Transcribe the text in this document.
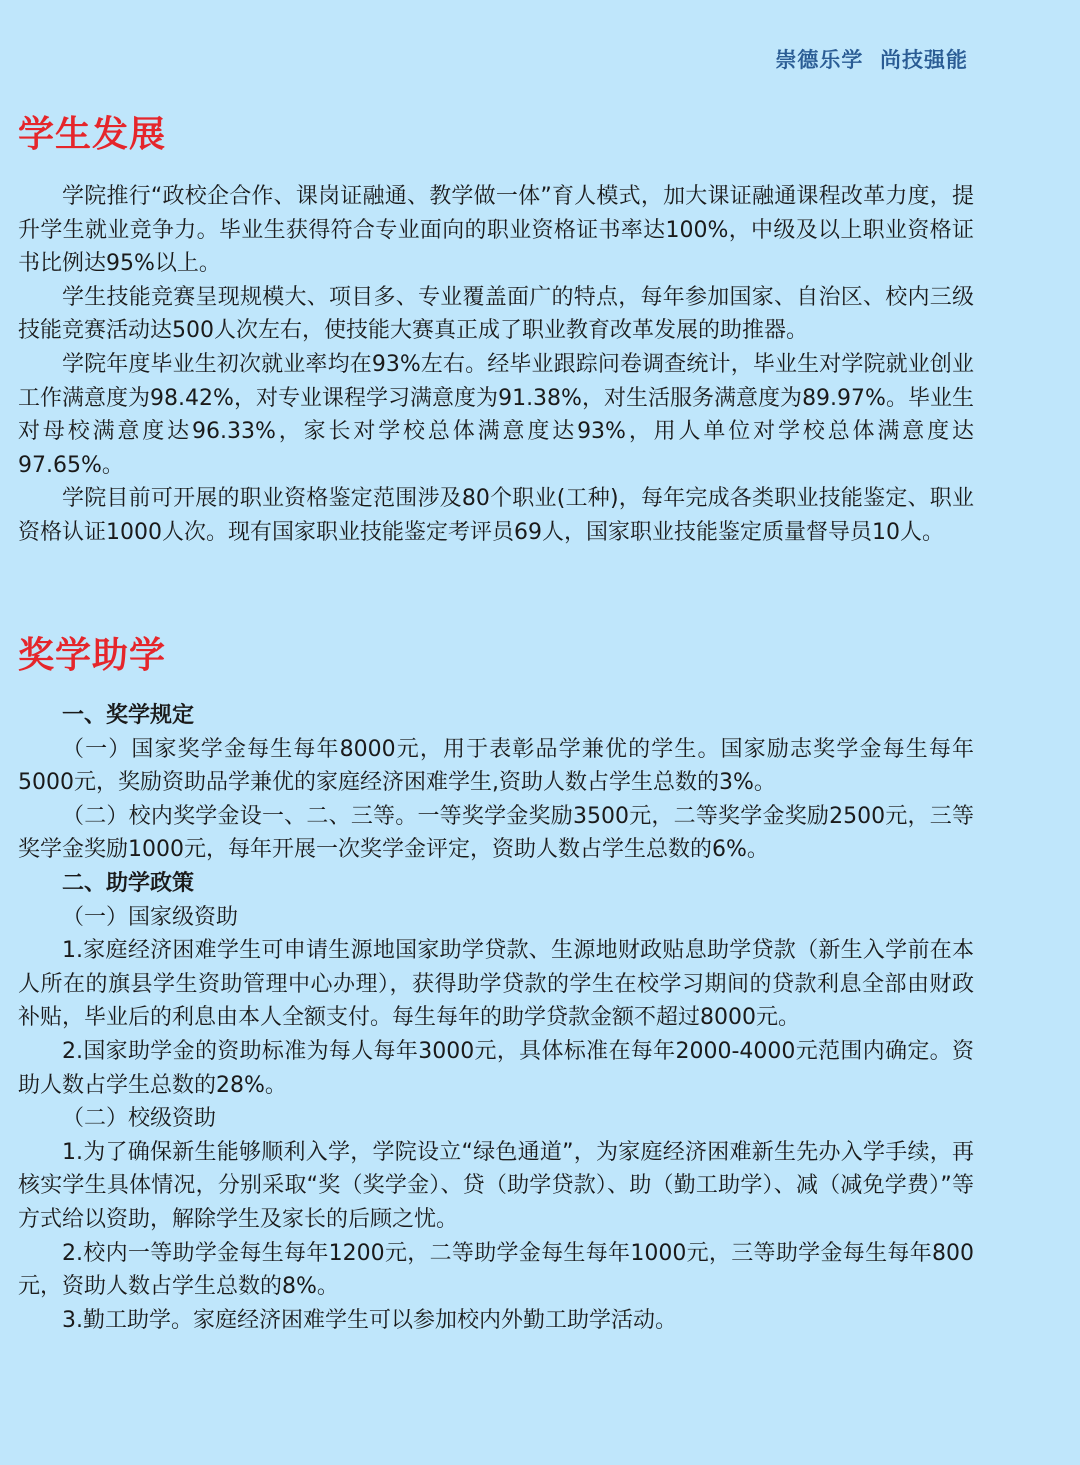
崇德乐学  尚技强能
学生发展

学院推行“政校企合作、课岗证融通、教学做一体”育人模式，加大课证融通课程改革力度，提升学生就业竞争力。毕业生获得符合专业面向的职业资格证书率达100%，中级及以上职业资格证书比例达95%以上。

学生技能竞赛呈现规模大、项目多、专业覆盖面广的特点，每年参加国家、自治区、校内三级技能竞赛活动达500人次左右，使技能大赛真正成了职业教育改革发展的助推器。

学院年度毕业生初次就业率均在93%左右。经毕业跟踪问卷调查统计，毕业生对学院就业创业工作满意度为98.42%，对专业课程学习满意度为91.38%，对生活服务满意度为89.97%。毕业生对母校满意度达96.33%，家长对学校总体满意度达93%，用人单位对学校总体满意度达97.65%。

学院目前可开展的职业资格鉴定范围涉及80个职业(工种)，每年完成各类职业技能鉴定、职业资格认证1000人次。现有国家职业技能鉴定考评员69人，国家职业技能鉴定质量督导员10人。

奖学助学

一、奖学规定

（一）国家奖学金每生每年8000元，用于表彰品学兼优的学生。国家励志奖学金每生每年5000元，奖励资助品学兼优的家庭经济困难学生,资助人数占学生总数的3%。

（二）校内奖学金设一、二、三等。一等奖学金奖励3500元，二等奖学金奖励2500元，三等奖学金奖励1000元，每年开展一次奖学金评定，资助人数占学生总数的6%。

二、助学政策

（一）国家级资助

1.家庭经济困难学生可申请生源地国家助学贷款、生源地财政贴息助学贷款（新生入学前在本人所在的旗县学生资助管理中心办理），获得助学贷款的学生在校学习期间的贷款利息全部由财政补贴，毕业后的利息由本人全额支付。每生每年的助学贷款金额不超过8000元。

2.国家助学金的资助标准为每人每年3000元，具体标准在每年2000-4000元范围内确定。资助人数占学生总数的28%。

（二）校级资助

1.为了确保新生能够顺利入学，学院设立“绿色通道”，为家庭经济困难新生先办入学手续，再核实学生具体情况，分别采取“奖（奖学金）、贷（助学贷款）、助（勤工助学）、减（减免学费）”等方式给以资助，解除学生及家长的后顾之忧。

2.校内一等助学金每生每年1200元，二等助学金每生每年1000元，三等助学金每生每年800元，资助人数占学生总数的8%。

3.勤工助学。家庭经济困难学生可以参加校内外勤工助学活动。
